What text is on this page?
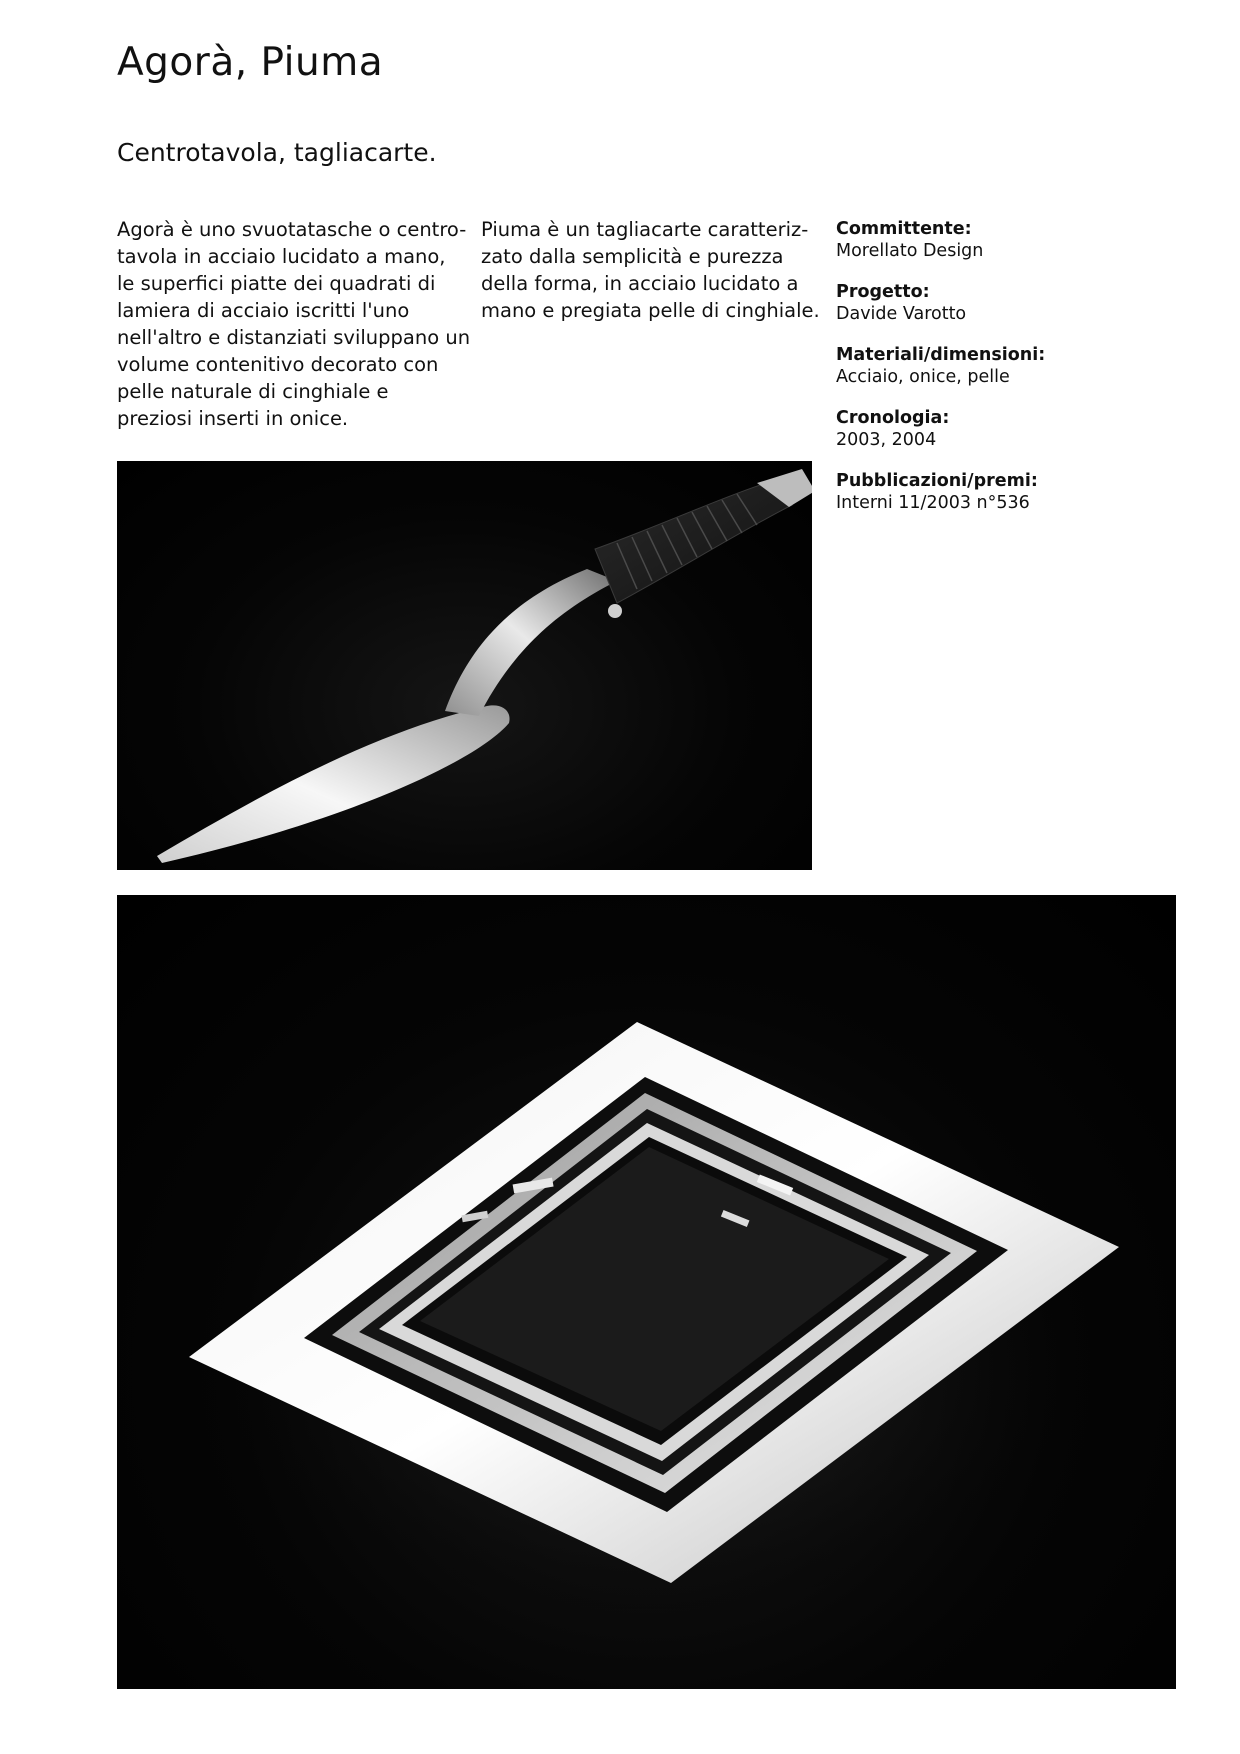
Agorà, Piuma
Centrotavola, tagliacarte.
Agorà è uno svuotatasche o centro-
tavola in acciaio lucidato a mano,
le superfici piatte dei quadrati di
lamiera di acciaio iscritti l'uno
nell'altro e distanziati sviluppano un
volume contenitivo decorato con
pelle naturale di cinghiale e
preziosi inserti in onice.
Piuma è un tagliacarte caratteriz-
zato dalla semplicità e purezza
della forma, in acciaio lucidato a
mano e pregiata pelle di cinghiale.
Committente:
Morellato Design
Progetto:
Davide Varotto
Materiali/dimensioni:
Acciaio, onice, pelle
Cronologia:
2003, 2004
Pubblicazioni/premi:
Interni 11/2003 n°536
